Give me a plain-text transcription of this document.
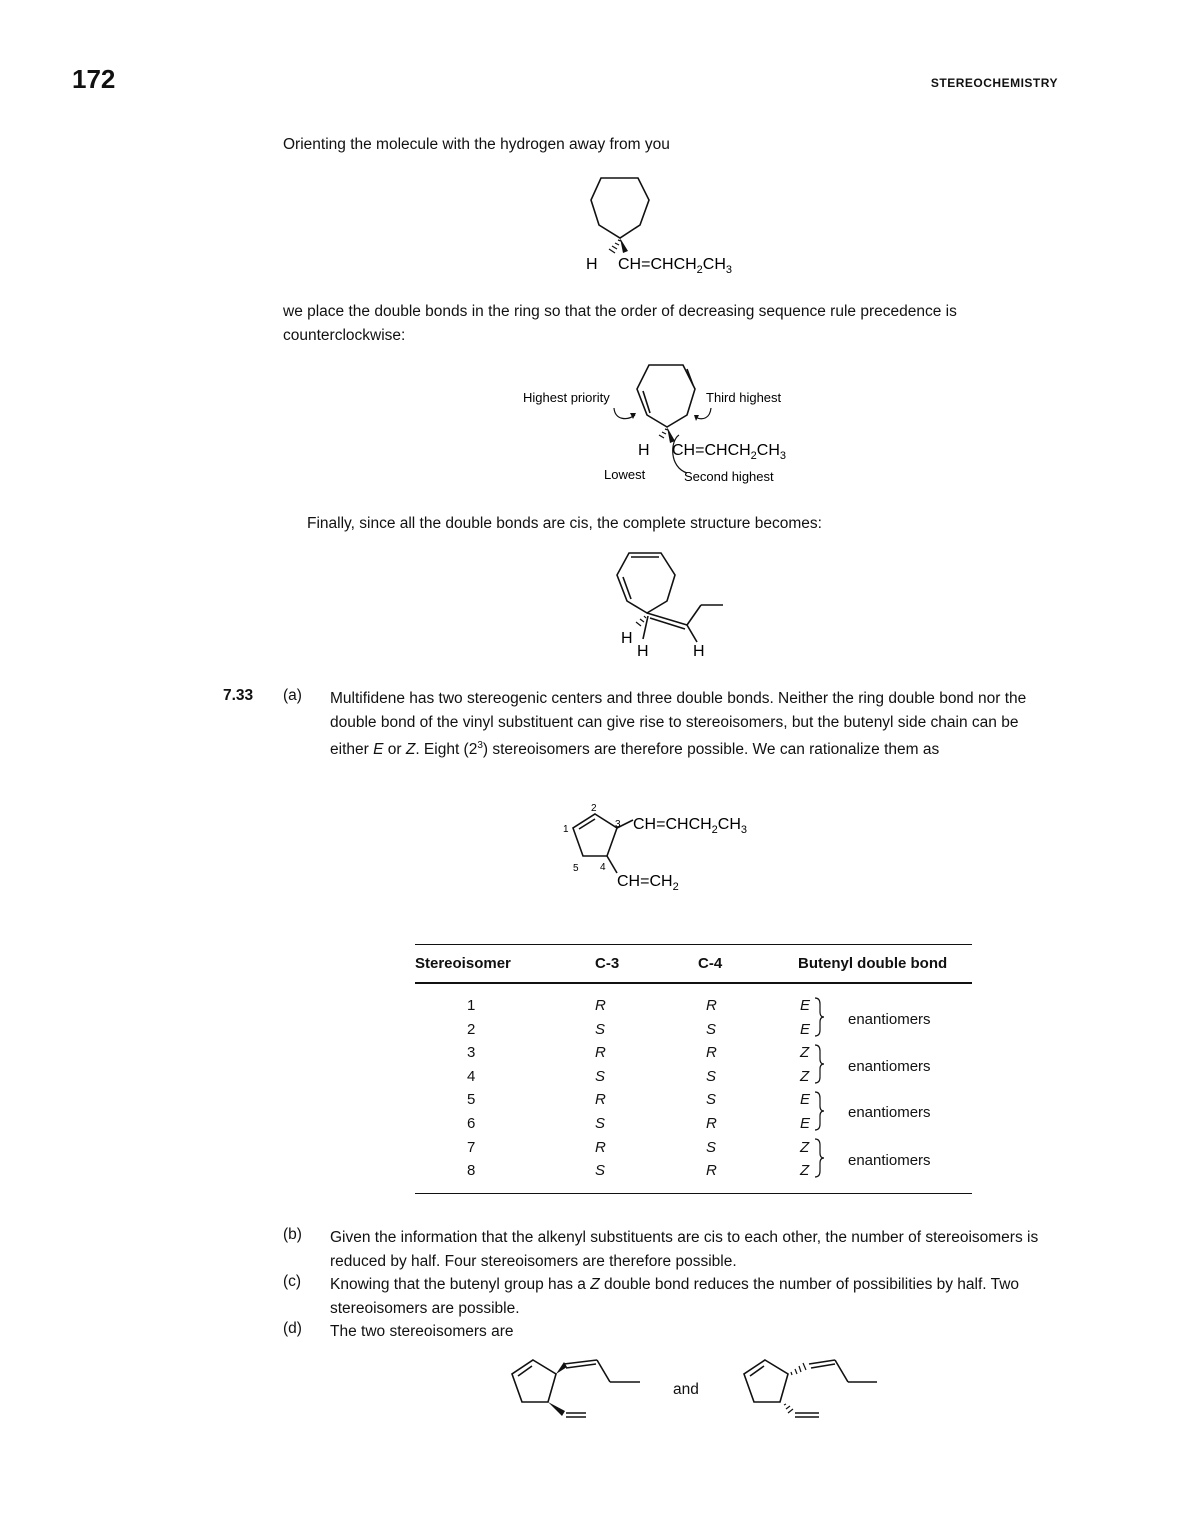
172	STEREOCHEMISTRY
Orienting the molecule with the hydrogen away from you
H $CH=CHCH_2CH_3$
we place the double bonds in the ring so that the order of decreasing sequence rule precedence is counterclockwise:
Highest priority	Third highest
H $CH=CHCH_2CH_3$
Lowest	Second highest
Finally, since all the double bonds are cis, the complete structure becomes:
H
H	H
7.33 (a) Multifidene has two stereogenic centers and three double bonds. Neither the ring double bond nor the double bond of the vinyl substituent can give rise to stereoisomers, but the butenyl side chain can be either E or Z. Eight $(2^3)$ stereoisomers are therefore possible. We can rationalize them as
2
1	3
5 4
$CH=CHCH_2CH_3$
$CH=CH_2$
Stereoisomer	C-3	C-4	Butenyl double bond
1	R	R	E
2	S	S	E
3	R	R	Z
4	S	S	Z
5	R	S	E
6	S	R	E
7	R	S	Z
8	S	R	Z
enantiomers
enantiomers
enantiomers
enantiomers
(b) Given the information that the alkenyl substituents are cis to each other, the number of stereoisomers is reduced by half. Four stereoisomers are therefore possible.
(c) Knowing that the butenyl group has a Z double bond reduces the number of possibilities by half. Two stereoisomers are possible.
(d) The two stereoisomers are
and
